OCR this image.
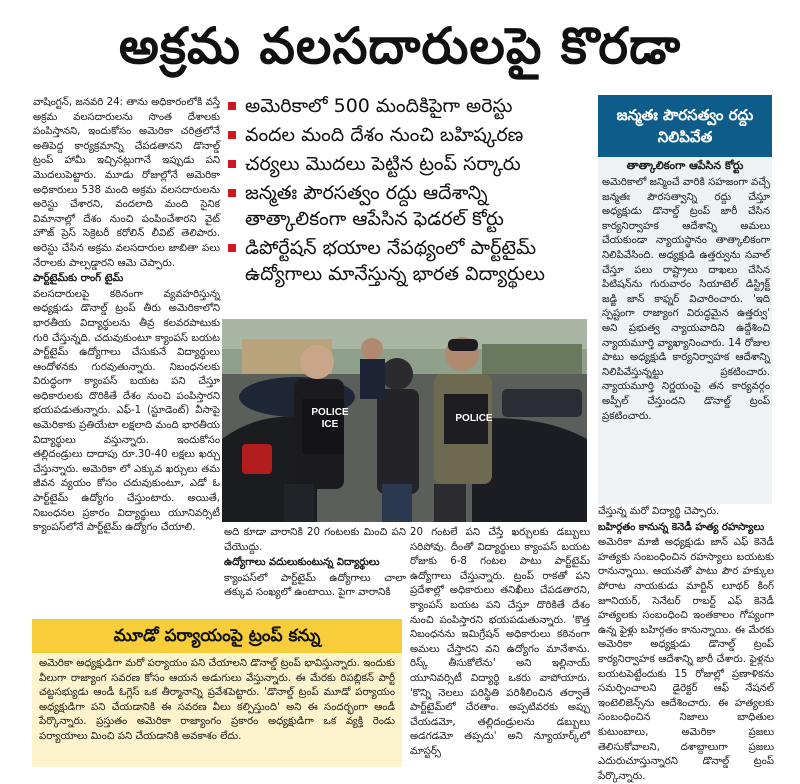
అక్రమ వలసదారులపై కొరడా

వాషింగ్టన్, జనవరి 24: తాను అధికారంలోకి వస్తే అక్రమ వలసదారులను సొంత దేశాలకు పంపిస్తానని, ఇందుకోసం అమెరికా చరిత్రలోనే అతిపెద్ద కార్యక్రమాన్ని చేపడతానని డొనాల్డ్ ట్రంప్ హామీ ఇచ్చినట్లుగానే ఇప్పుడు పని మొదలుపెట్టారు. మూడు రోజుల్లోనే అమెరికా అధికారులు 538 మంది అక్రమ వలసదారులను అరెస్టు చేశారని, వందలాది మంది సైనిక విమానాల్లో దేశం నుంచి పంపించేశారని వైట్ హౌజ్ ప్రెస్ సెక్రెటరీ కరోలిన్ లీవిట్ తెలిపారు. అరెస్టు చేసిన అక్రమ వలసదారుల జాబితా పలు నేరాలకు పాల్పడ్డారని ఆమె చెప్పారు.

పార్ట్‌టైమ్‌కు రాంగ్ టైమ్

వలసదారులపై కఠినంగా వ్యవహరిస్తున్న అధ్యక్షుడు డొనాల్డ్ ట్రంప్ తీరు అమెరికాలోని భారతీయ విద్యార్థులను తీవ్ర కలవరపాటుకు గురి చేస్తున్నది. చదువుకుంటూ క్యాంపస్ బయట పార్ట్‌టైమ్ ఉద్యోగాలు చేసుకునే విద్యార్థులు ఆందోళనకు గురవుతున్నారు. నిబంధనలకు విరుద్ధంగా క్యాంపస్ బయట పని చేస్తూ అధికారులకు దొరికితే దేశం నుంచి పంపిస్తారని భయపడుతున్నారు. ఎఫ్-1 (స్టూడెంట్) వీసాపై అమెరికాకు ప్రతియేటా లక్షలాది మంది భారతీయ విద్యార్థులు వస్తున్నారు. ఇందుకోసం తల్లిదండ్రులు దాదాపు రూ.30-40 లక్షలు ఖర్చు చేస్తున్నారు. అమెరికా లో ఎక్కువ ఖర్చులు తమ జీవన వ్యయం కోసం చదువుకుంటూ, ఎడో ఓ పార్ట్‌టైమ్ ఉద్యోగం చేస్తుంటారు. అయితే, నిబంధనల ప్రకారం విద్యార్థులు యూనివర్సిటీ క్యాంపస్‌లోనే పార్ట్‌టైమ్ ఉద్యోగం చేయాలి.

అమెరికాలో 500 మందికిపైగా అరెస్టు
వందల మంది దేశం నుంచి బహిష్కరణ
చర్యలు మొదలు పెట్టిన ట్రంప్ సర్కారు
జన్మతః పౌరసత్వం రద్దు ఆదేశాన్ని తాత్కాలికంగా ఆపేసిన ఫెడరల్ కోర్టు
డిపోర్టేషన్ భయాల నేపథ్యంలో పార్ట్‌టైమ్ ఉద్యోగాలు మానేస్తున్న భారత విద్యార్థులు
POLICE ICE
POLICE

అది కూడా వారానికి 20 గంటలకు మించి పని చేయొద్దు.

ఉద్యోగాలు వదులుకుంటున్న విద్యార్థులు

క్యాంపస్‌లో పార్ట్‌టైమ్ ఉద్యోగాలు చాలా తక్కువ సంఖ్యలో ఉంటాయి. పైగా వారానికి

20 గంటలే పని చేస్తే ఖర్చులకు డబ్బులు సరిపోవు. దీంతో విద్యార్థులు క్యాంపస్ బయట రోజుకు 6-8 గంటల పాటు పార్ట్‌టైమ్ ఉద్యోగాలు చేస్తున్నారు. ట్రంప్ రాకతో పని ప్రదేశాల్లో అధికారులు తనిఖీలు చేపడతారని, క్యాంపస్ బయట పని చేస్తూ దొరికితే దేశం నుంచి పంపిస్తారని భయపడుతున్నారు. 'కొత్త నిబంధనను ఇమిగ్రేషన్ అధికారులు కఠినంగా అమలు చేస్తారని వని ఉద్యోగం మానేశాను. రిస్క్ తీసుకోలేను' అని ఇల్లినాయ్ యూనివర్సిటీ విద్యార్థి ఒకరు వాపోయారు. 'కొన్ని నెలలు పరిస్థితి పరిశీలించిన తర్వాతే పార్ట్‌టైమ్‌లో చేరతాం. అప్పటివరకు అప్పు చేయడమో, తల్లిదండ్రులను డబ్బులు అడగడమో తప్పదు' అని న్యూయార్క్‌లో మాస్టర్స్

జన్మతః పౌరసత్వం రద్దు నిలిపివేత
తాత్కాలికంగా ఆపేసిన కోర్టు

అమెరికాలో జన్మించే వారికి సహజంగా వచ్చే జన్మతః పౌరసత్వాన్ని రద్దు చేస్తూ అధ్యక్షుడు డొనాల్డ్ ట్రంప్ జారీ చేసిన కార్యనిర్వాహక ఆదేశాన్ని అమలు చేయకుండా న్యాయస్థానం తాత్కాలికంగా నిలిపివేసింది. అధ్యక్షుడి ఉత్తర్వును సవాల్ చేస్తూ పలు రాష్ట్రాలు దాఖలు చేసిన పిటిషన్‌ను గురువారం సియాటెల్ డిస్ట్రిక్ట్ జడ్జి జాన్ కాఫ్నర్ విచారించారు. 'ఇది స్పష్టంగా రాజ్యాంగ విరుద్ధమైన ఉత్తర్వు' అని ప్రభుత్వ న్యాయవాదిని ఉద్దేశించి న్యాయమూర్తి వ్యాఖ్యానించారు. 14 రోజుల పాటు అధ్యక్షుడి కార్యనిర్వాహక ఆదేశాన్ని నిలిపివేస్తున్నట్టు ప్రకటించారు. న్యాయమూర్తి నిర్ణయంపై తన కార్యవర్గం అప్పీల్ చేస్తుందని డొనాల్డ్ ట్రంప్ ప్రకటించారు.

చేస్తున్న మరో విద్యార్థి చెప్పారు.

బహిర్గతం కానున్న కెనెడీ హత్య రహస్యాలు

అమెరికా మాజీ అధ్యక్షుడు జాన్ ఎఫ్ కెనెడీ హత్యకు సంబంధించిన రహస్యాలు బయటకు రానున్నాయి. ఆయనతో పాటు పౌర హక్కుల పోరాట నాయకుడు మార్టిన్ లూథర్ కింగ్ జూనియర్, సెనేటర్ రాబర్ట్ ఎఫ్ కెనెడీ హత్యలకు సంబంధించి ఇంతకాలం గోప్యంగా ఉన్న ఫైళ్లు బహిర్గతం కానున్నాయి. ఈ మేరకు అమెరికా అధ్యక్షుడు డొనాల్డ్ ట్రంప్ కార్యనిర్వాహక ఆదేశాన్ని జారీ చేశారు. ఫైళ్లను బయటపెట్టేందుకు 15 రోజుల్లో ప్రణాళికను సమర్పించాలని డైరెక్టర్ ఆఫ్ నేషనల్ ఇంటెలిజెన్స్‌ను ఆదేశించారు. ఈ హత్యలకు సంబంధించిన నిజాలు బాధితుల కుటుంబాలు, అమెరికా ప్రజలు తెలిసుకోవాలని, దశాబ్దాలుగా ప్రజలు ఎదురుచూస్తున్నారని డొనాల్డ్ ట్రంప్ పేర్కొన్నారు.

మూడో పర్యాయంపై ట్రంప్ కన్ను

అమెరికా అధ్యక్షుడిగా మరో పర్యాయం పని చేయాలని డొనాల్డ్ ట్రంప్ భావిస్తున్నారు. ఇందుకు వీలుగా రాజ్యాంగ సవరణ కోసం ఆయన అడుగులు వేస్తున్నారు. ఈ మేరకు రిపబ్లికన్ పార్టీ చట్టసభ్యుడు ఆండీ ఓగ్లెస్ ఒక తీర్మానాన్ని ప్రవేశపెట్టారు. 'డొనాల్డ్ ట్రంప్ మూడో పర్యాయం అధ్యక్షుడిగా పని చేయడానికి ఈ సవరణ వీలు కల్పిస్తుంది' అని ఈ సందర్భంగా ఆండీ పేర్కొన్నారు. ప్రస్తుతం అమెరికా రాజ్యాంగం ప్రకారం అధ్యక్షుడిగా ఒక వ్యక్తి రెండు పర్యాయాలు మించి పని చేయడానికి అవకాశం లేదు.
